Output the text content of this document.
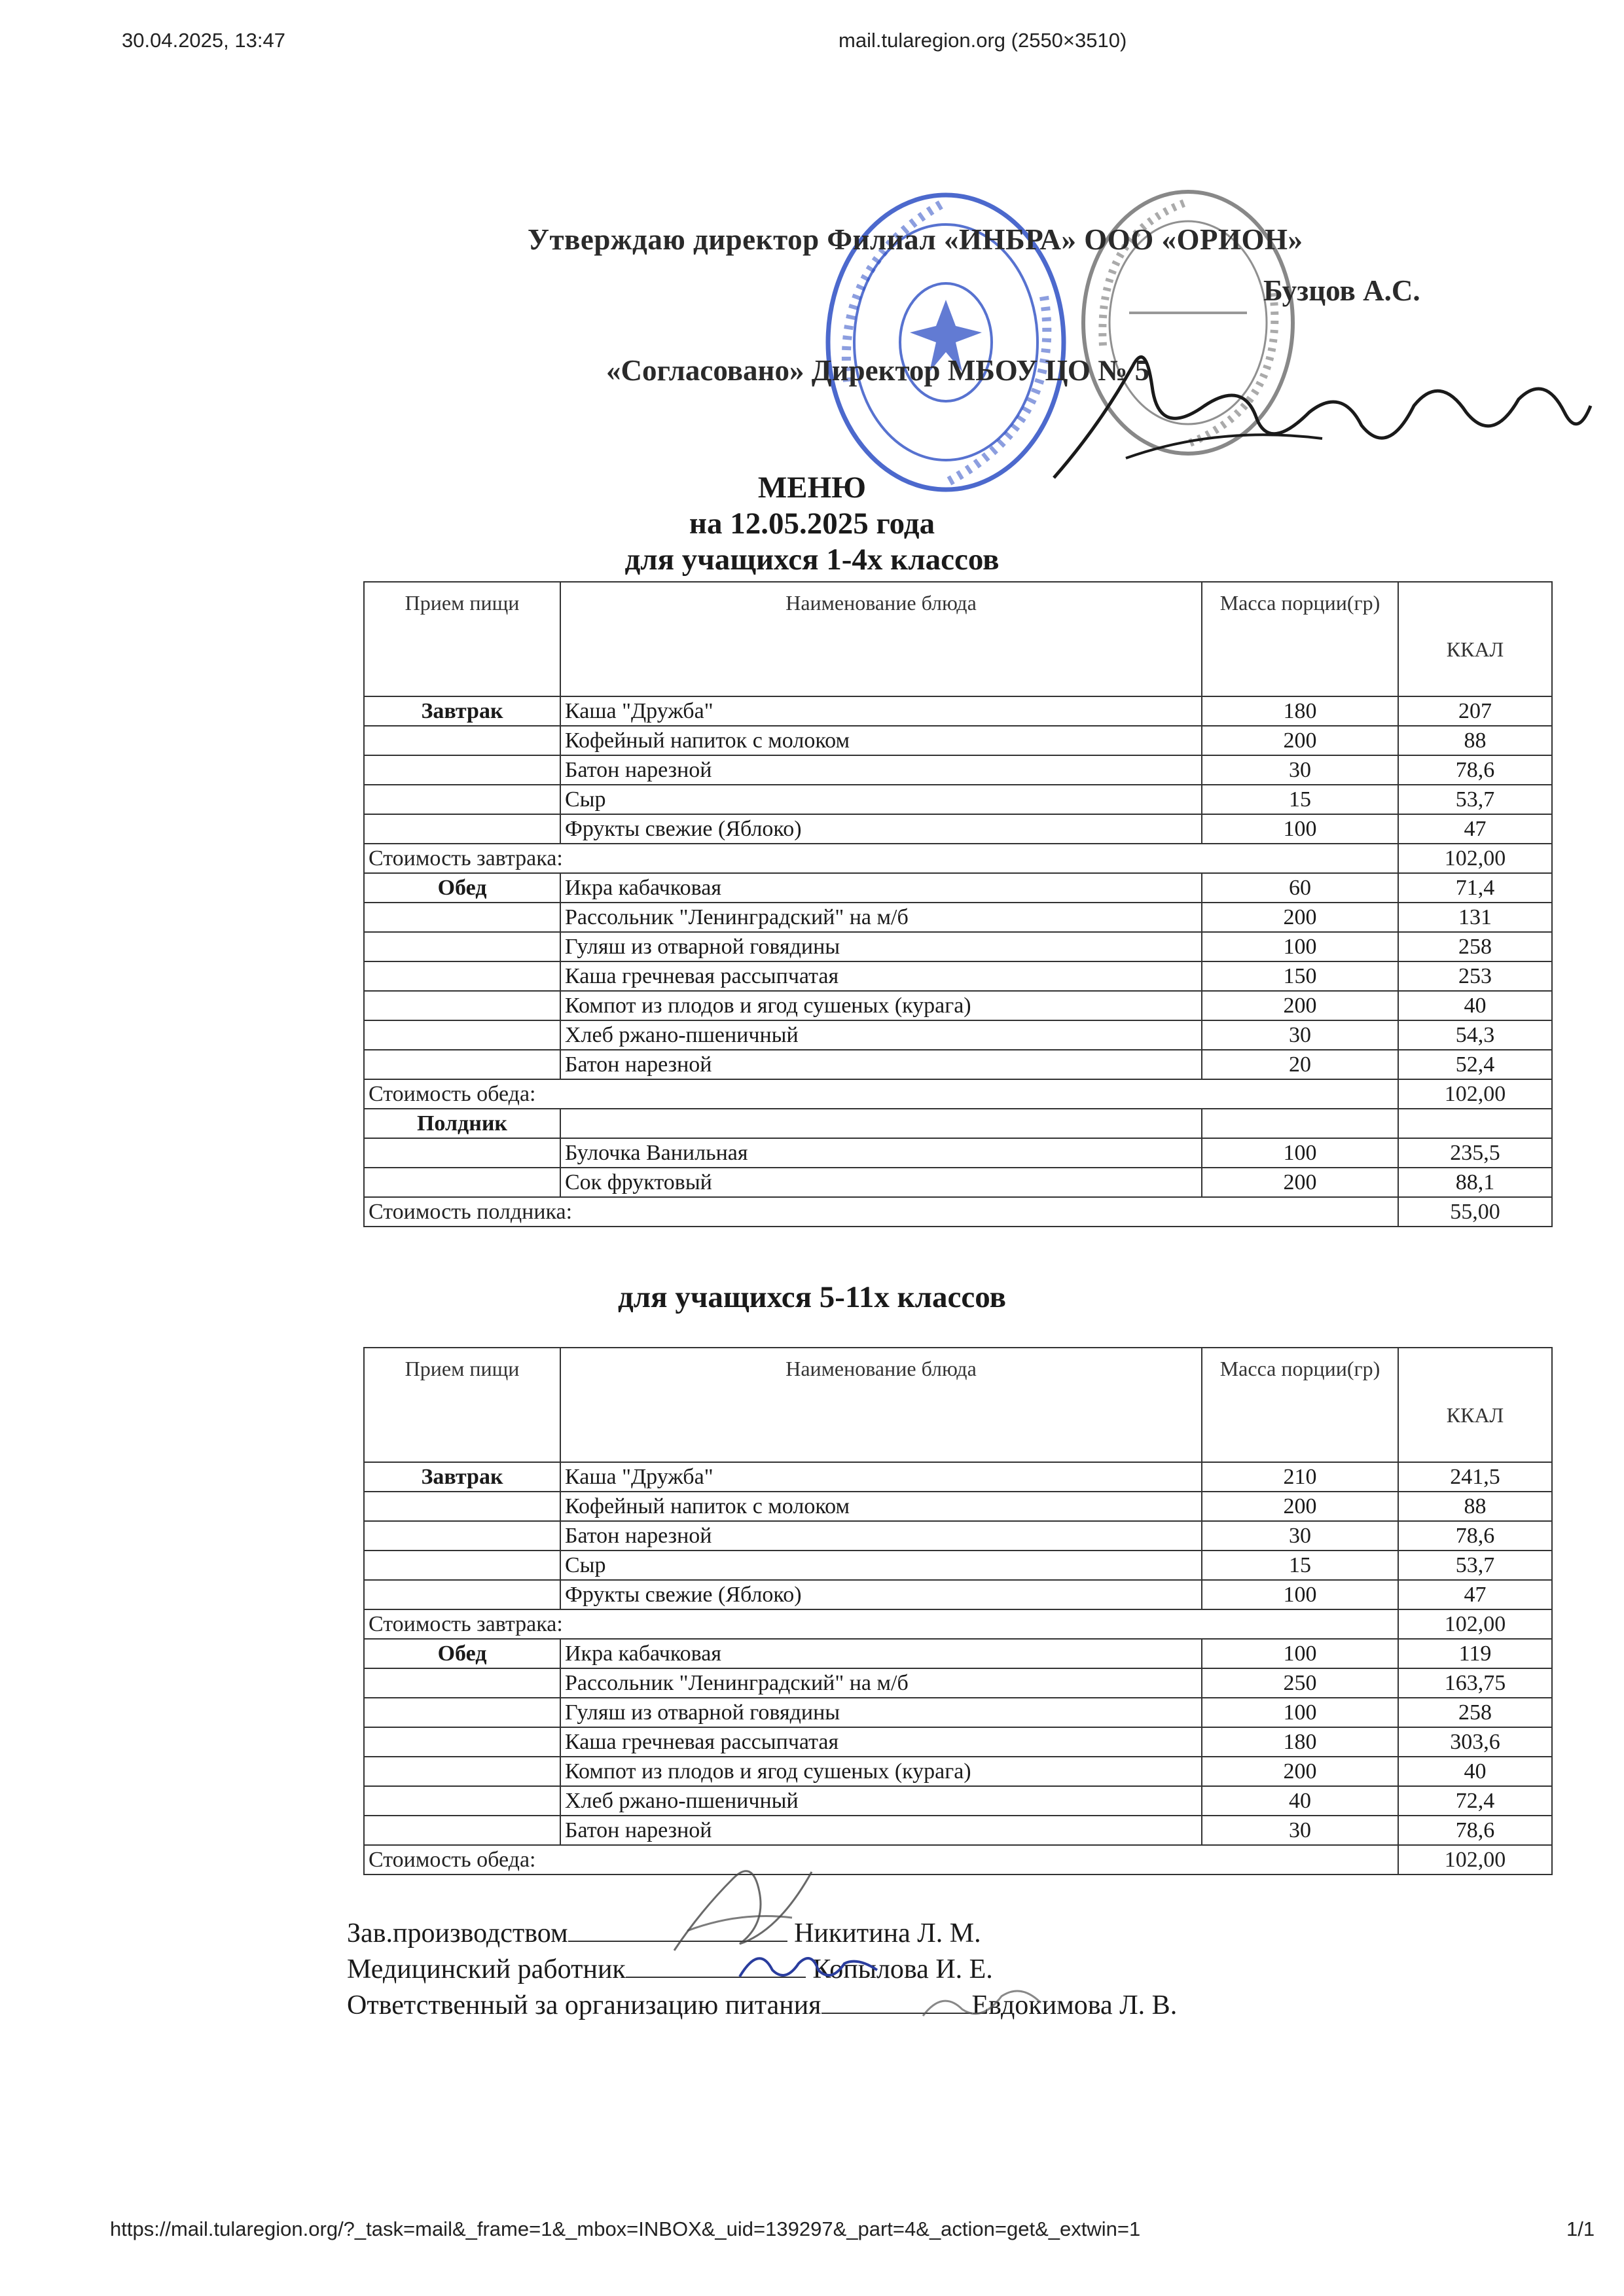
30.04.2025, 13:47	mail.tularegion.org (2550×3510)
Утверждаю директор Филиал «ИНБРА» ООО «ОРИОН»
Бузцов А.С.
«Согласовано» Директор МБОУ ЦО № 5
МЕНЮ
на 12.05.2025 года
для учащихся 1-4х классов
Прием пищи	Наименование блюда	Масса порции(гр)	ККАЛ
Завтрак	Каша "Дружба"	180	207
	Кофейный напиток с молоком	200	88
	Батон нарезной	30	78,6
	Сыр	15	53,7
	Фрукты свежие (Яблоко)	100	47
Стоимость завтрака:			102,00
Обед	Икра кабачковая	60	71,4
	Рассольник "Ленинградский" на м/б	200	131
	Гуляш из отварной говядины	100	258
	Каша гречневая рассыпчатая	150	253
	Компот из плодов и ягод сушеных (курага)	200	40
	Хлеб ржано-пшеничный	30	54,3
	Батон нарезной	20	52,4
Стоимость обеда:			102,00
Полдник			
	Булочка Ванильная	100	235,5
	Сок фруктовый	200	88,1
Стоимость полдника:			55,00
для учащихся 5-11х классов
Прием пищи	Наименование блюда	Масса порции(гр)	ККАЛ
Завтрак	Каша "Дружба"	210	241,5
	Кофейный напиток с молоком	200	88
	Батон нарезной	30	78,6
	Сыр	15	53,7
	Фрукты свежие (Яблоко)	100	47
Стоимость завтрака:			102,00
Обед	Икра кабачковая	100	119
	Рассольник "Ленинградский" на м/б	250	163,75
	Гуляш из отварной говядины	100	258
	Каша гречневая рассыпчатая	180	303,6
	Компот из плодов и ягод сушеных (курага)	200	40
	Хлеб ржано-пшеничный	40	72,4
	Батон нарезной	30	78,6
Стоимость обеда:			102,00
Зав.производством	Никитина Л. М.
Медицинский работник	Копылова И. Е.
Ответственный за организацию питания	Евдокимова Л. В.
https://mail.tularegion.org/?_task=mail&_frame=1&_mbox=INBOX&_uid=139297&_part=4&_action=get&_extwin=1	1/1
